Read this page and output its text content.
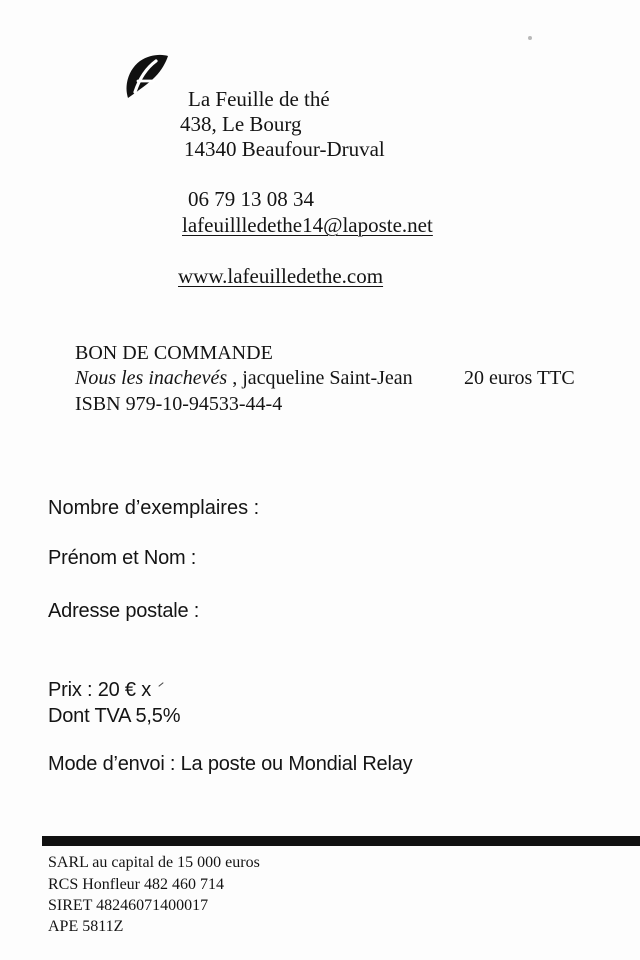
La Feuille de thé
438, Le Bourg
14340 Beaufour-Druval
06 79 13 08 34
lafeuillledethe14@laposte.net
www.lafeuilledethe.com
BON DE COMMANDE
Nous les inachevés , jacqueline Saint-Jean	20 euros TTC
ISBN 979-10-94533-44-4
Nombre d’exemplaires :
Prénom et Nom :
Adresse postale :
Prix : 20 € x
Dont TVA 5,5%
Mode d’envoi : La poste ou Mondial Relay
SARL au capital de 15 000 euros
RCS Honfleur 482 460 714
SIRET 48246071400017
APE 5811Z
